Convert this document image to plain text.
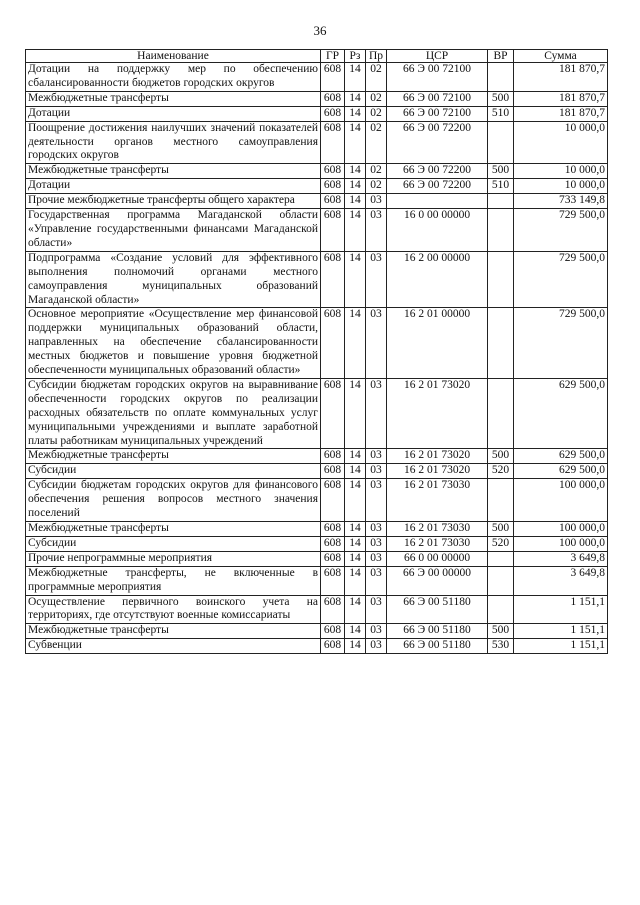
36
Наименование	ГР	Рз	Пр	ЦСР	ВР	Сумма
Дотации на поддержку мер по обеспечению сбалансированности бюджетов городских округов	608	14	02	66 Э 00 72100		181 870,7
Межбюджетные трансферты	608	14	02	66 Э 00 72100	500	181 870,7
Дотации	608	14	02	66 Э 00 72100	510	181 870,7
Поощрение достижения наилучших значений показателей деятельности органов местного самоуправления городских округов	608	14	02	66 Э 00 72200		10 000,0
Межбюджетные трансферты	608	14	02	66 Э 00 72200	500	10 000,0
Дотации	608	14	02	66 Э 00 72200	510	10 000,0
Прочие межбюджетные трансферты общего характера	608	14	03			733 149,8
Государственная программа Магаданской области «Управление государственными финансами Магаданской области»	608	14	03	16 0 00 00000		729 500,0
Подпрограмма «Создание условий для эффективного выполнения полномочий органами местного самоуправления муниципальных образований Магаданской области»	608	14	03	16 2 00 00000		729 500,0
Основное мероприятие «Осуществление мер финансовой поддержки муниципальных образований области, направленных на обеспечение сбалансированности местных бюджетов и повышение уровня бюджетной обеспеченности муниципальных образований области»	608	14	03	16 2 01 00000		729 500,0
Субсидии бюджетам городских округов на выравнивание обеспеченности городских округов по реализации расходных обязательств по оплате коммунальных услуг муниципальными учреждениями и выплате заработной платы работникам муниципальных учреждений	608	14	03	16 2 01 73020		629 500,0
Межбюджетные трансферты	608	14	03	16 2 01 73020	500	629 500,0
Субсидии	608	14	03	16 2 01 73020	520	629 500,0
Субсидии бюджетам городских округов для финансового обеспечения решения вопросов местного значения поселений	608	14	03	16 2 01 73030		100 000,0
Межбюджетные трансферты	608	14	03	16 2 01 73030	500	100 000,0
Субсидии	608	14	03	16 2 01 73030	520	100 000,0
Прочие непрограммные мероприятия	608	14	03	66 0 00 00000		3 649,8
Межбюджетные трансферты, не включенные в программные мероприятия	608	14	03	66 Э 00 00000		3 649,8
Осуществление первичного воинского учета на территориях, где отсутствуют военные комиссариаты	608	14	03	66 Э 00 51180		1 151,1
Межбюджетные трансферты	608	14	03	66 Э 00 51180	500	1 151,1
Субвенции	608	14	03	66 Э 00 51180	530	1 151,1
